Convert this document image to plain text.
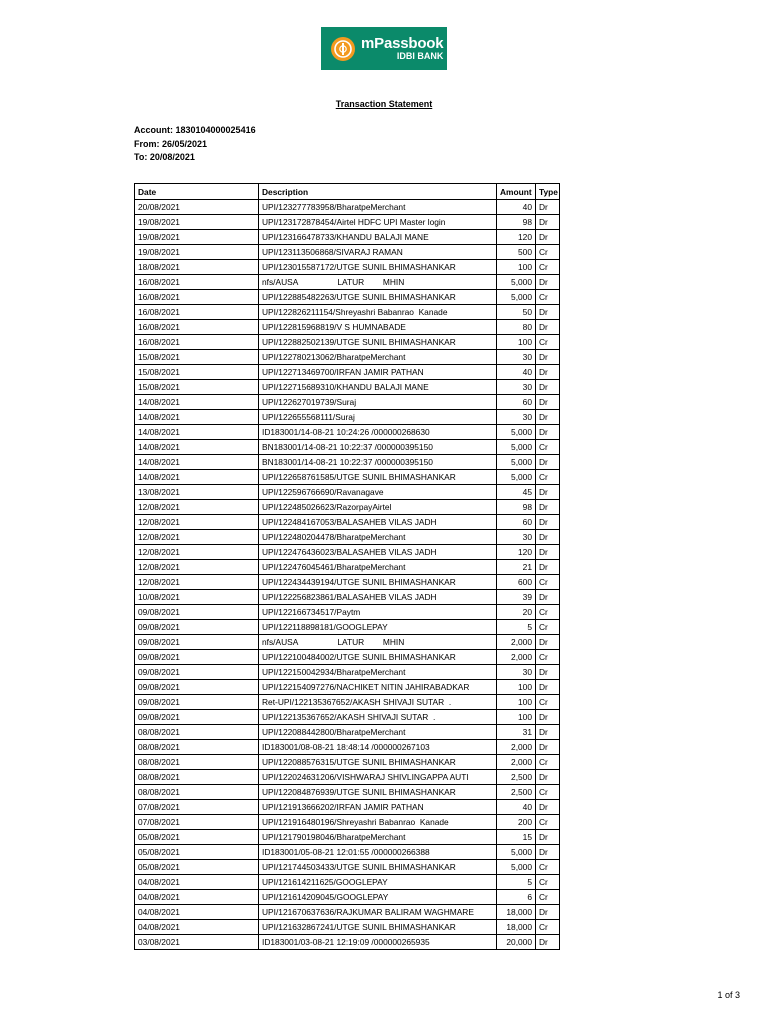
mPassbook
IDBI BANK
Transaction Statement
Account: 1830104000025416
From: 26/05/2021
To: 20/08/2021
Date	Description	Amount	Type
20/08/2021	UPI/123277783958/BharatpeMerchant	40	Dr
19/08/2021	UPI/123172878454/Airtel HDFC UPI Master login	98	Dr
19/08/2021	UPI/123166478733/KHANDU BALAJI MANE	120	Dr
19/08/2021	UPI/123113506868/SIVARAJ RAMAN	500	Cr
18/08/2021	UPI/123015587172/UTGE SUNIL BHIMASHANKAR	100	Cr
16/08/2021	nfs/AUSA                 LATUR        MHIN	5,000	Dr
16/08/2021	UPI/122885482263/UTGE SUNIL BHIMASHANKAR	5,000	Cr
16/08/2021	UPI/122826211154/Shreyashri Babanrao  Kanade	50	Dr
16/08/2021	UPI/122815968819/V S HUMNABADE	80	Dr
16/08/2021	UPI/122882502139/UTGE SUNIL BHIMASHANKAR	100	Cr
15/08/2021	UPI/122780213062/BharatpeMerchant	30	Dr
15/08/2021	UPI/122713469700/IRFAN JAMIR PATHAN	40	Dr
15/08/2021	UPI/122715689310/KHANDU BALAJI MANE	30	Dr
14/08/2021	UPI/122627019739/Suraj	60	Dr
14/08/2021	UPI/122655568111/Suraj	30	Dr
14/08/2021	ID183001/14-08-21 10:24:26 /000000268630	5,000	Dr
14/08/2021	BN183001/14-08-21 10:22:37 /000000395150	5,000	Cr
14/08/2021	BN183001/14-08-21 10:22:37 /000000395150	5,000	Dr
14/08/2021	UPI/122658761585/UTGE SUNIL BHIMASHANKAR	5,000	Cr
13/08/2021	UPI/122596766690/Ravanagave	45	Dr
12/08/2021	UPI/122485026623/RazorpayAirtel	98	Dr
12/08/2021	UPI/122484167053/BALASAHEB VILAS JADH	60	Dr
12/08/2021	UPI/122480204478/BharatpeMerchant	30	Dr
12/08/2021	UPI/122476436023/BALASAHEB VILAS JADH	120	Dr
12/08/2021	UPI/122476045461/BharatpeMerchant	21	Dr
12/08/2021	UPI/122434439194/UTGE SUNIL BHIMASHANKAR	600	Cr
10/08/2021	UPI/122256823861/BALASAHEB VILAS JADH	39	Dr
09/08/2021	UPI/122166734517/Paytm	20	Cr
09/08/2021	UPI/122118898181/GOOGLEPAY	5	Cr
09/08/2021	nfs/AUSA                 LATUR        MHIN	2,000	Dr
09/08/2021	UPI/122100484002/UTGE SUNIL BHIMASHANKAR	2,000	Cr
09/08/2021	UPI/122150042934/BharatpeMerchant	30	Dr
09/08/2021	UPI/122154097276/NACHIKET NITIN JAHIRABADKAR	100	Dr
09/08/2021	Ret-UPI/122135367652/AKASH SHIVAJI SUTAR  .	100	Cr
09/08/2021	UPI/122135367652/AKASH SHIVAJI SUTAR  .	100	Dr
08/08/2021	UPI/122088442800/BharatpeMerchant	31	Dr
08/08/2021	ID183001/08-08-21 18:48:14 /000000267103	2,000	Dr
08/08/2021	UPI/122088576315/UTGE SUNIL BHIMASHANKAR	2,000	Cr
08/08/2021	UPI/122024631206/VISHWARAJ SHIVLINGAPPA AUTI	2,500	Dr
08/08/2021	UPI/122084876939/UTGE SUNIL BHIMASHANKAR	2,500	Cr
07/08/2021	UPI/121913666202/IRFAN JAMIR PATHAN	40	Dr
07/08/2021	UPI/121916480196/Shreyashri Babanrao  Kanade	200	Cr
05/08/2021	UPI/121790198046/BharatpeMerchant	15	Dr
05/08/2021	ID183001/05-08-21 12:01:55 /000000266388	5,000	Dr
05/08/2021	UPI/121744503433/UTGE SUNIL BHIMASHANKAR	5,000	Cr
04/08/2021	UPI/121614211625/GOOGLEPAY	5	Cr
04/08/2021	UPI/121614209045/GOOGLEPAY	6	Cr
04/08/2021	UPI/121670637636/RAJKUMAR BALIRAM WAGHMARE	18,000	Dr
04/08/2021	UPI/121632867241/UTGE SUNIL BHIMASHANKAR	18,000	Cr
03/08/2021	ID183001/03-08-21 12:19:09 /000000265935	20,000	Dr
1 of 3
